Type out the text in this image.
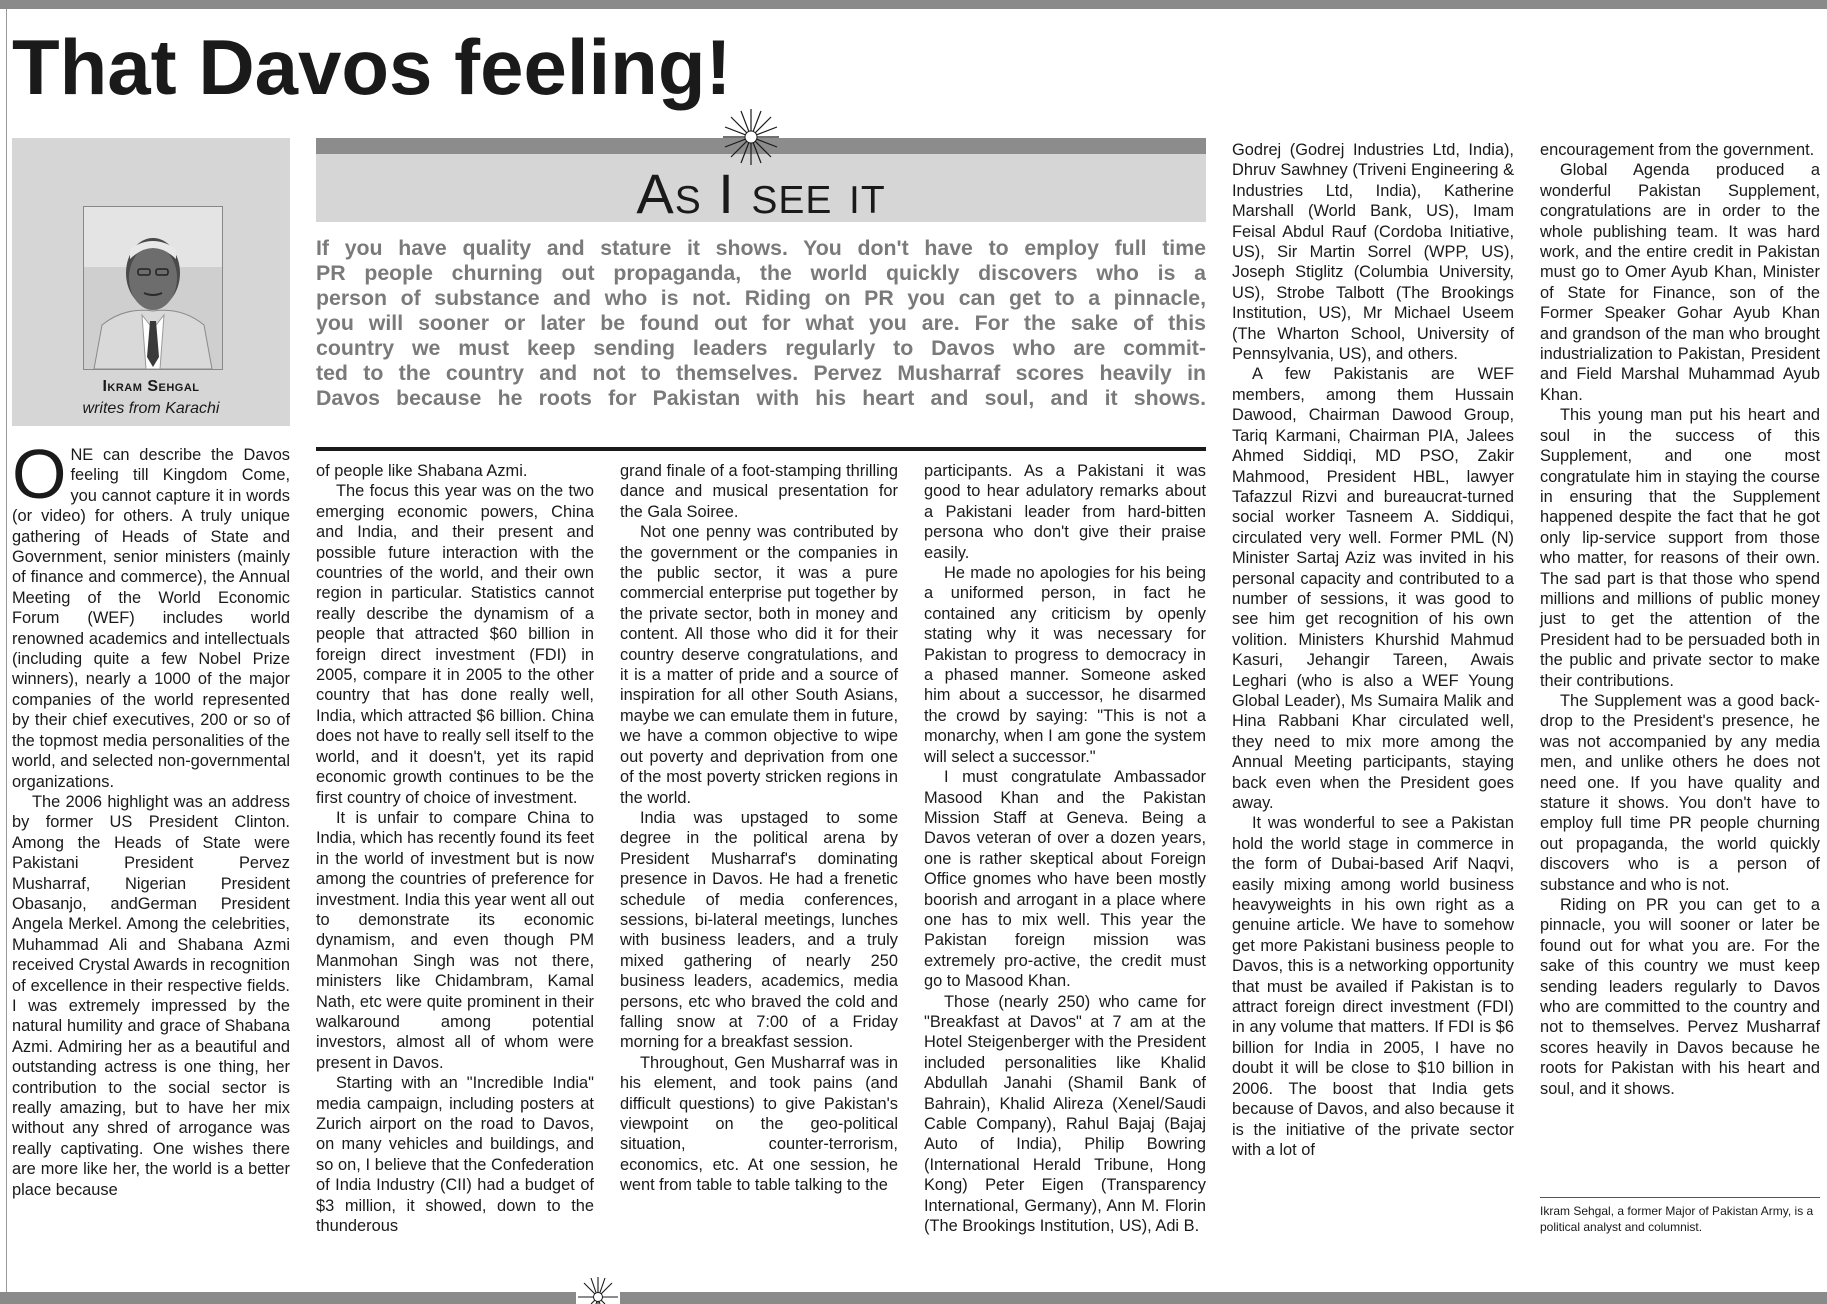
That Davos feeling!

Ikram Sehgal

writes from Karachi

As I see it

If you have quality and stature it shows. You don't have to employ full time
PR people churning out propaganda, the world quickly discovers who is a
person of substance and who is not. Riding on PR you can get to a pinnacle,
you will sooner or later be found out for what you are. For the sake of this
country we must keep sending leaders regularly to Davos who are commit-
ted to the country and not to themselves. Pervez Musharraf scores heavily in
Davos because he roots for Pakistan with his heart and soul, and it shows.

ONE can describe the Davos feeling till Kingdom Come, you cannot capture it in words (or video) for others. A truly unique gathering of Heads of State and Government, senior ministers (mainly of finance and commerce), the Annual Meeting of the World Economic Forum (WEF) includes world renowned academics and intellectuals (including quite a few Nobel Prize winners), nearly a 1000 of the major companies of the world represented by their chief executives, 200 or so of the topmost media personalities of the world, and selected non-governmental organizations.

The 2006 highlight was an address by former US President Clinton. Among the Heads of State were Pakistani President Pervez Musharraf, Nigerian President Obasanjo, andGerman President Angela Merkel. Among the celebrities, Muhammad Ali and Shabana Azmi received Crystal Awards in recognition of excellence in their respective fields. I was extremely impressed by the natural humility and grace of Shabana Azmi. Admiring her as a beautiful and outstanding actress is one thing, her contribution to the social sector is really amazing, but to have her mix without any shred of arrogance was really captivating. One wishes there are more like her, the world is a better place because

of people like Shabana Azmi.

The focus this year was on the two emerging economic powers, China and India, and their present and possible future interaction with the countries of the world, and their own region in particular. Statistics cannot really describe the dynamism of a people that attracted $60 billion in foreign direct investment (FDI) in 2005, compare it in 2005 to the other country that has done really well, India, which attracted $6 billion. China does not have to really sell itself to the world, and it doesn't, yet its rapid economic growth continues to be the first country of choice of investment.

It is unfair to compare China to India, which has recently found its feet in the world of investment but is now among the countries of preference for investment. India this year went all out to demonstrate its economic dynamism, and even though PM Manmohan Singh was not there, ministers like Chidambram, Kamal Nath, etc were quite prominent in their walkaround among potential investors, almost all of whom were present in Davos.

Starting with an "Incredible India" media campaign, including posters at Zurich airport on the road to Davos, on many vehicles and buildings, and so on, I believe that the Confederation of India Industry (CII) had a budget of $3 million, it showed, down to the thunderous

grand finale of a foot-stamping thrilling dance and musical presentation for the Gala Soiree.

Not one penny was contributed by the government or the companies in the public sector, it was a pure commercial enterprise put together by the private sector, both in money and content. All those who did it for their country deserve congratulations, and it is a matter of pride and a source of inspiration for all other South Asians, maybe we can emulate them in future, we have a common objective to wipe out poverty and deprivation from one of the most poverty stricken regions in the world.

India was upstaged to some degree in the political arena by President Musharraf's dominating presence in Davos. He had a frenetic schedule of media conferences, sessions, bi-lateral meetings, lunches with business leaders, and a truly mixed gathering of nearly 250 business leaders, academics, media persons, etc who braved the cold and falling snow at 7:00 of a Friday morning for a breakfast session.

Throughout, Gen Musharraf was in his element, and took pains (and difficult questions) to give Pakistan's viewpoint on the geo-political situation, counter-terrorism, economics, etc. At one session, he went from table to table talking to the

participants. As a Pakistani it was good to hear adulatory remarks about a Pakistani leader from hard-bitten persona who don't give their praise easily.

He made no apologies for his being a uniformed person, in fact he contained any criticism by openly stating why it was necessary for Pakistan to progress to democracy in a phased manner. Someone asked him about a successor, he disarmed the crowd by saying: "This is not a monarchy, when I am gone the system will select a successor."

I must congratulate Ambassador Masood Khan and the Pakistan Mission Staff at Geneva. Being a Davos veteran of over a dozen years, one is rather skeptical about Foreign Office gnomes who have been mostly boorish and arrogant in a place where one has to mix well. This year the Pakistan foreign mission was extremely pro-active, the credit must go to Masood Khan.

Those (nearly 250) who came for "Breakfast at Davos" at 7 am at the Hotel Steigenberger with the President included personalities like Khalid Abdullah Janahi (Shamil Bank of Bahrain), Khalid Alireza (Xenel/Saudi Cable Company), Rahul Bajaj (Bajaj Auto of India), Philip Bowring (International Herald Tribune, Hong Kong) Peter Eigen (Transparency International, Germany), Ann M. Florin (The Brookings Institution, US), Adi B.

Godrej (Godrej Industries Ltd, India), Dhruv Sawhney (Triveni Engineering & Industries Ltd, India), Katherine Marshall (World Bank, US), Imam Feisal Abdul Rauf (Cordoba Initiative, US), Sir Martin Sorrel (WPP, US), Joseph Stiglitz (Columbia University, US), Strobe Talbott (The Brookings Institution, US), Mr Michael Useem (The Wharton School, University of Pennsylvania, US), and others.

A few Pakistanis are WEF members, among them Hussain Dawood, Chairman Dawood Group, Tariq Karmani, Chairman PIA, Jalees Ahmed Siddiqi, MD PSO, Zakir Mahmood, President HBL, lawyer Tafazzul Rizvi and bureaucrat-turned social worker Tasneem A. Siddiqui, circulated very well. Former PML (N) Minister Sartaj Aziz was invited in his personal capacity and contributed to a number of sessions, it was good to see him get recognition of his own volition. Ministers Khurshid Mahmud Kasuri, Jehangir Tareen, Awais Leghari (who is also a WEF Young Global Leader), Ms Sumaira Malik and Hina Rabbani Khar circulated well, they need to mix more among the Annual Meeting participants, staying back even when the President goes away.

It was wonderful to see a Pakistan hold the world stage in commerce in the form of Dubai-based Arif Naqvi, easily mixing among world business heavyweights in his own right as a genuine article. We have to somehow get more Pakistani business people to Davos, this is a networking opportunity that must be availed if Pakistan is to attract foreign direct investment (FDI) in any volume that matters. If FDI is $6 billion for India in 2005, I have no doubt it will be close to $10 billion in 2006. The boost that India gets because of Davos, and also because it is the initiative of the private sector with a lot of

encouragement from the government.

Global Agenda produced a wonderful Pakistan Supplement, congratulations are in order to the whole publishing team. It was hard work, and the entire credit in Pakistan must go to Omer Ayub Khan, Minister of State for Finance, son of the Former Speaker Gohar Ayub Khan and grandson of the man who brought industrialization to Pakistan, President and Field Marshal Muhammad Ayub Khan.

This young man put his heart and soul in the success of this Supplement, and one most congratulate him in staying the course in ensuring that the Supplement happened despite the fact that he got only lip-service support from those who matter, for reasons of their own. The sad part is that those who spend millions and millions of public money just to get the attention of the President had to be persuaded both in the public and private sector to make their contributions.

The Supplement was a good back-drop to the President's presence, he was not accompanied by any media men, and unlike others he does not need one. If you have quality and stature it shows. You don't have to employ full time PR people churning out propaganda, the world quickly discovers who is a person of substance and who is not.

Riding on PR you can get to a pinnacle, you will sooner or later be found out for what you are. For the sake of this country we must keep sending leaders regularly to Davos who are committed to the country and not to themselves. Pervez Musharraf scores heavily in Davos because he roots for Pakistan with his heart and soul, and it shows.

Ikram Sehgal, a former Major of Pakistan Army, is a political analyst and columnist.
